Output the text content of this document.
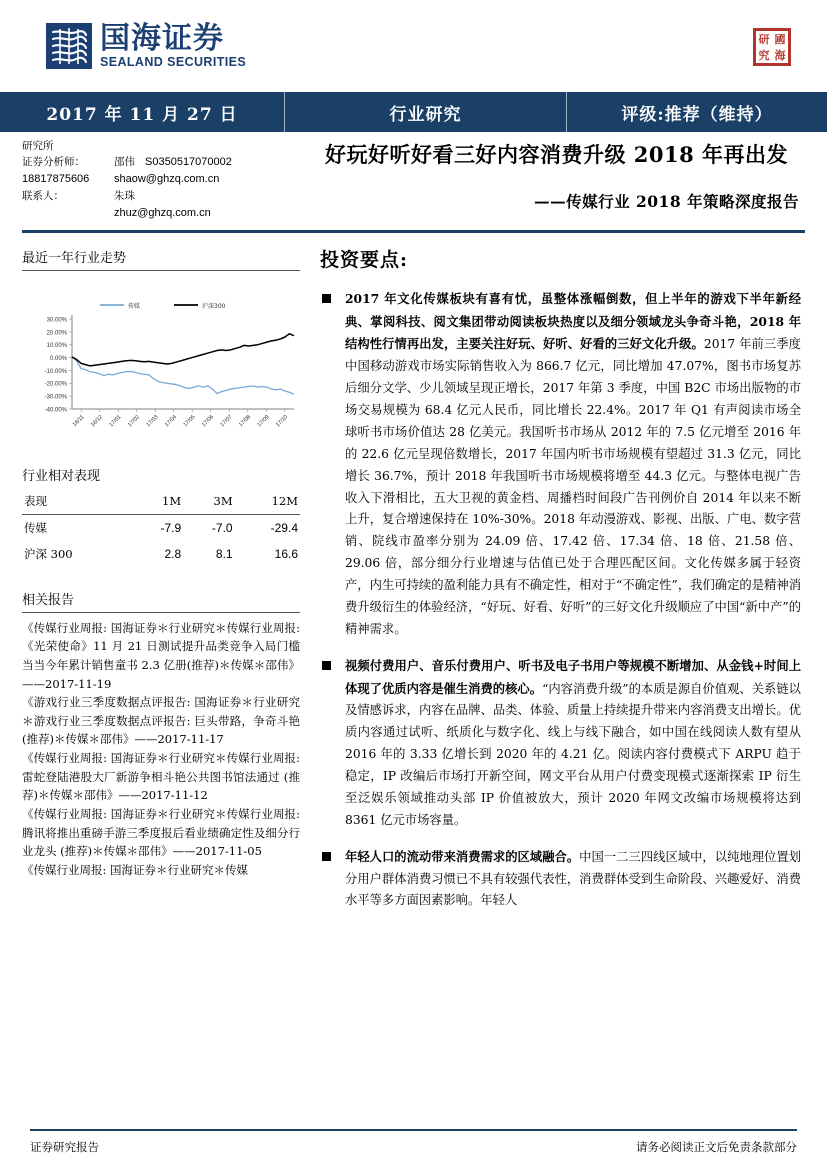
国海证券
SEALAND SECURITIES
研 國
究 海
2017 年 11 月 27 日	行业研究	评级:推荐（维持）
研究所
证券分析师：	邵伟 S0350517070002
18817875606	shaow@ghzq.com.cn
联系人：	朱珠
zhuz@ghzq.com.cn
好玩好听好看三好内容消费升级 2018 年再出发
——传媒行业 2018 年策略深度报告
最近一年行业走势
传媒	沪深300
30.00%
20.00%
10.00%
0.00%
-10.00%
-20.00%
-30.00%
-40.00%
16/11 16/12 17/01 17/02 17/03 17/04 17/05 17/06 17/07 17/08 17/09 17/10
行业相对表现
表现	1M	3M	12M
传媒	-7.9	-7.0	-29.4
沪深 300	2.8	8.1	16.6
相关报告

《传媒行业周报: 国海证券＊行业研究＊传媒行业周报:《光荣使命》11 月 21 日测试提升品类竞争入局门槛当当今年累计销售童书 2.3 亿册(推荐)＊传媒＊邵伟》——2017-11-19

《游戏行业三季度数据点评报告: 国海证券＊行业研究＊游戏行业三季度数据点评报告: 巨头带路，争奇斗艳(推荐)＊传媒＊邵伟》——2017-11-17

《传媒行业周报: 国海证券＊行业研究＊传媒行业周报: 雷蛇登陆港股大厂新游争相斗艳公共图书馆法通过 (推荐)＊传媒＊邵伟》——2017-11-12

《传媒行业周报: 国海证券＊行业研究＊传媒行业周报: 腾讯将推出重磅手游三季度报后看业绩确定性及细分行业龙头 (推荐)＊传媒＊邵伟》——2017-11-05

《传媒行业周报: 国海证券＊行业研究＊传媒

投资要点:
2017 年文化传媒板块有喜有忧，虽整体涨幅倒数，但上半年的游戏下半年新经典、掌阅科技、阅文集团带动阅读板块热度以及细分领域龙头争奇斗艳，2018 年结构性行情再出发，主要关注好玩、好听、好看的三好文化升级。2017 年前三季度中国移动游戏市场实际销售收入为 866.7 亿元，同比增加 47.07%，图书市场复苏后细分文学、少儿领域呈现正增长，2017 年第 3 季度，中国 B2C 市场出版物的市场交易规模为 68.4 亿元人民币，同比增长 22.4%。2017 年 Q1 有声阅读市场全球听书市场价值达 28 亿美元。我国听书市场从 2012 年的 7.5 亿元增至 2016 年的 22.6 亿元呈现倍数增长，2017 年国内听书市场规模有望超过 31.3 亿元，同比增长 36.7%，预计 2018 年我国听书市场规模将增至 44.3 亿元。与整体电视广告收入下滑相比，五大卫视的黄金档、周播档时间段广告刊例价自 2014 年以来不断上升，复合增速保持在 10%-30%。2018 年动漫游戏、影视、出版、广电、数字营销、院线市盈率分别为 24.09 倍、17.42 倍、17.34 倍、18 倍、21.58 倍、29.06 倍，部分细分行业增速与估值已处于合理匹配区间。文化传媒多属于轻资产，内生可持续的盈利能力具有不确定性，相对于“不确定性”，我们确定的是精神消费升级衍生的体验经济，“好玩、好看、好听”的三好文化升级顺应了中国“新中产”的精神需求。
视频付费用户、音乐付费用户、听书及电子书用户等规模不断增加、从金钱+时间上体现了优质内容是催生消费的核心。“内容消费升级”的本质是源自价值观、关系链以及情感诉求，内容在品牌、品类、体验、质量上持续提升带来内容消费支出增长。优质内容通过试听、纸质化与数字化、线上与线下融合，如中国在线阅读人数有望从 2016 年的 3.33 亿增长到 2020 年的 4.21 亿。阅读内容付费模式下 ARPU 趋于稳定，IP 改编后市场打开新空间，网文平台从用户付费变现模式逐渐探索 IP 衍生至泛娱乐领域推动头部 IP 价值被放大，预计 2020 年网文改编市场规模将达到 8361 亿元市场容量。
年轻人口的流动带来消费需求的区域融合。中国一二三四线区域中，以纯地理位置划分用户群体消费习惯已不具有较强代表性，消费群体受到生命阶段、兴趣爱好、消费水平等多方面因素影响。年轻人
证券研究报告	请务必阅读正文后免责条款部分
